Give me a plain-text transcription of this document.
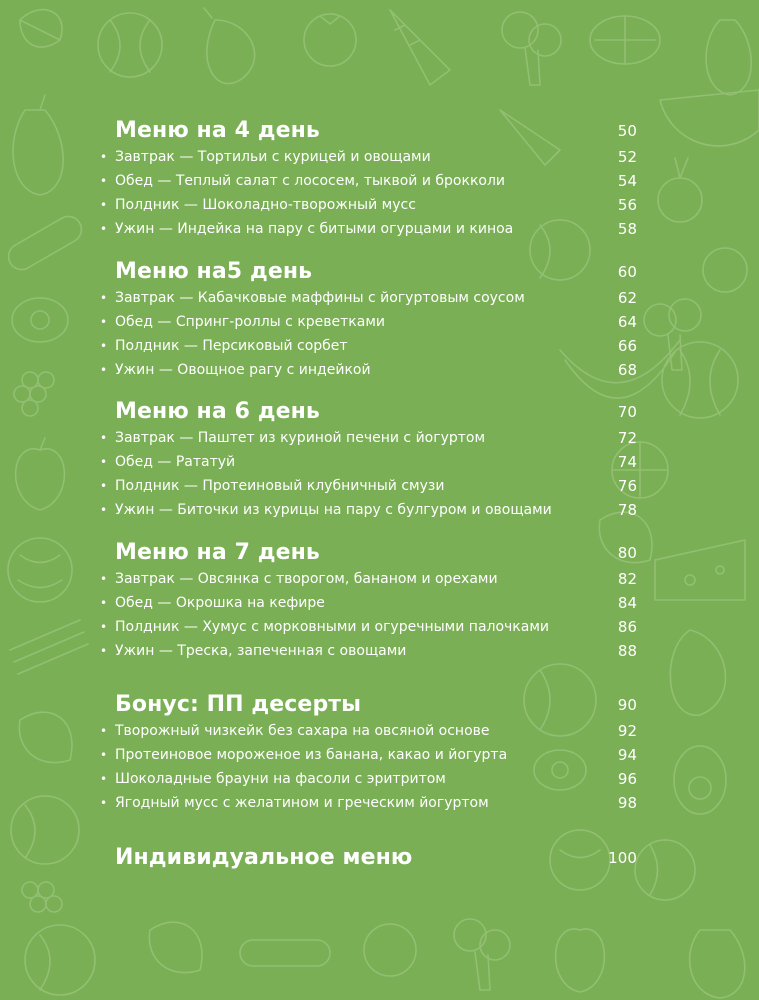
Меню на 4 день	50
• Завтрак — Тортильи с курицей и овощами	52
• Обед — Теплый салат с лососем, тыквой и брокколи	54
• Полдник — Шоколадно-творожный мусс	56
• Ужин — Индейка на пару с битыми огурцами и киноа	58
Меню на5 день	60
• Завтрак — Кабачковые маффины с йогуртовым соусом	62
• Обед — Спринг-роллы с креветками	64
• Полдник — Персиковый сорбет	66
• Ужин — Овощное рагу с индейкой	68
Меню на 6 день	70
• Завтрак — Паштет из куриной печени с йогуртом	72
• Обед — Рататуй	74
• Полдник — Протеиновый клубничный смузи	76
• Ужин — Биточки из курицы на пару с булгуром и овощами	78
Меню на 7 день	80
• Завтрак — Овсянка с творогом, бананом и орехами	82
• Обед — Окрошка на кефире	84
• Полдник — Хумус с морковными и огуречными палочками	86
• Ужин — Треска, запеченная с овощами	88
Бонус: ПП десерты	90
• Творожный чизкейк без сахара на овсяной основе	92
• Протеиновое мороженое из банана, какао и йогурта	94
• Шоколадные брауни на фасоли с эритритом	96
• Ягодный мусс с желатином и греческим йогуртом	98
Индивидуальное меню	100
